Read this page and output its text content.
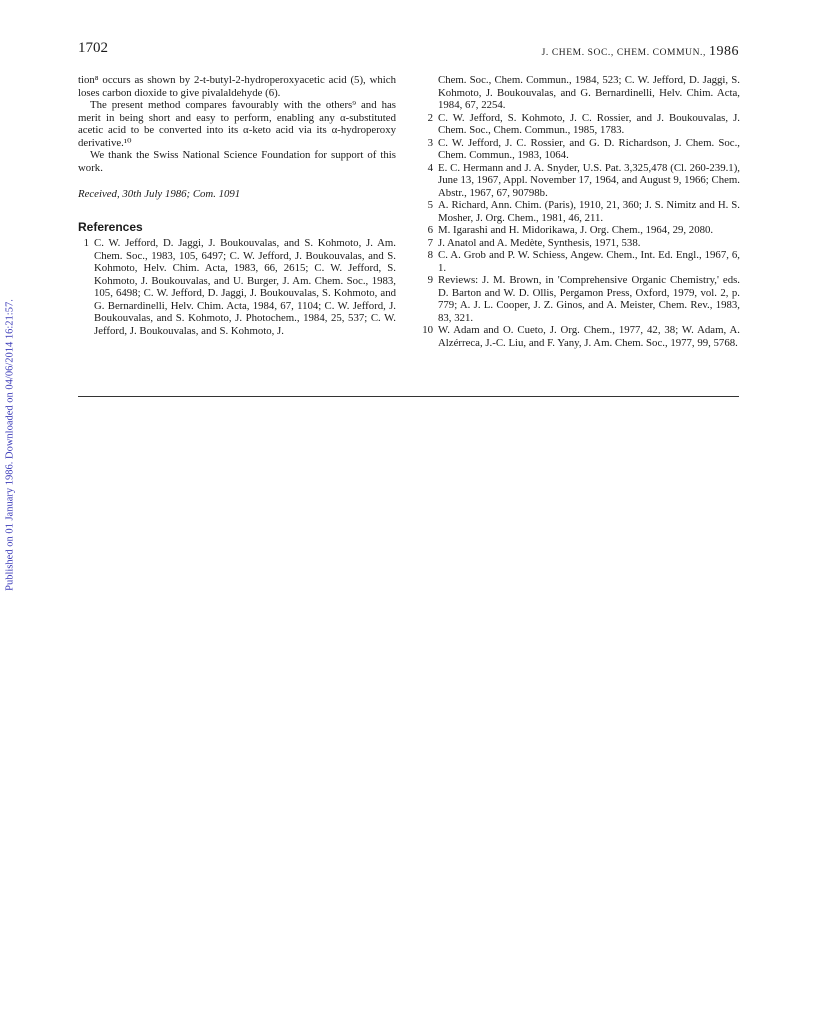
1702	J. CHEM. SOC., CHEM. COMMUN., 1986
Published on 01 January 1986. Downloaded on 04/06/2014 16:21:57.

tion⁸ occurs as shown by 2-t-butyl-2-hydroperoxyacetic acid (5), which loses carbon dioxide to give pivalaldehyde (6).

The present method compares favourably with the others⁹ and has merit in being short and easy to perform, enabling any α-substituted acetic acid to be converted into its α-keto acid via its α-hydroperoxy derivative.¹⁰

We thank the Swiss National Science Foundation for support of this work.

Received, 30th July 1986; Com. 1091

References
1 C. W. Jefford, D. Jaggi, J. Boukouvalas, and S. Kohmoto, J. Am. Chem. Soc., 1983, 105, 6497; C. W. Jefford, J. Boukouvalas, and S. Kohmoto, Helv. Chim. Acta, 1983, 66, 2615; C. W. Jefford, S. Kohmoto, J. Boukouvalas, and U. Burger, J. Am. Chem. Soc., 1983, 105, 6498; C. W. Jefford, D. Jaggi, J. Boukouvalas, S. Kohmoto, and G. Bernardinelli, Helv. Chim. Acta, 1984, 67, 1104; C. W. Jefford, J. Boukouvalas, and S. Kohmoto, J. Photochem., 1984, 25, 537; C. W. Jefford, J. Boukouvalas, and S. Kohmoto, J.
Chem. Soc., Chem. Commun., 1984, 523; C. W. Jefford, D. Jaggi, S. Kohmoto, J. Boukouvalas, and G. Bernardinelli, Helv. Chim. Acta, 1984, 67, 2254.
2 C. W. Jefford, S. Kohmoto, J. C. Rossier, and J. Boukouvalas, J. Chem. Soc., Chem. Commun., 1985, 1783.
3 C. W. Jefford, J. C. Rossier, and G. D. Richardson, J. Chem. Soc., Chem. Commun., 1983, 1064.
4 E. C. Hermann and J. A. Snyder, U.S. Pat. 3,325,478 (Cl. 260-239.1), June 13, 1967, Appl. November 17, 1964, and August 9, 1966; Chem. Abstr., 1967, 67, 90798b.
5 A. Richard, Ann. Chim. (Paris), 1910, 21, 360; J. S. Nimitz and H. S. Mosher, J. Org. Chem., 1981, 46, 211.
6 M. Igarashi and H. Midorikawa, J. Org. Chem., 1964, 29, 2080.
7 J. Anatol and A. Medète, Synthesis, 1971, 538.
8 C. A. Grob and P. W. Schiess, Angew. Chem., Int. Ed. Engl., 1967, 6, 1.
9 Reviews: J. M. Brown, in 'Comprehensive Organic Chemistry,' eds. D. Barton and W. D. Ollis, Pergamon Press, Oxford, 1979, vol. 2, p. 779; A. J. L. Cooper, J. Z. Ginos, and A. Meister, Chem. Rev., 1983, 83, 321.
10 W. Adam and O. Cueto, J. Org. Chem., 1977, 42, 38; W. Adam, A. Alzérreca, J.-C. Liu, and F. Yany, J. Am. Chem. Soc., 1977, 99, 5768.
